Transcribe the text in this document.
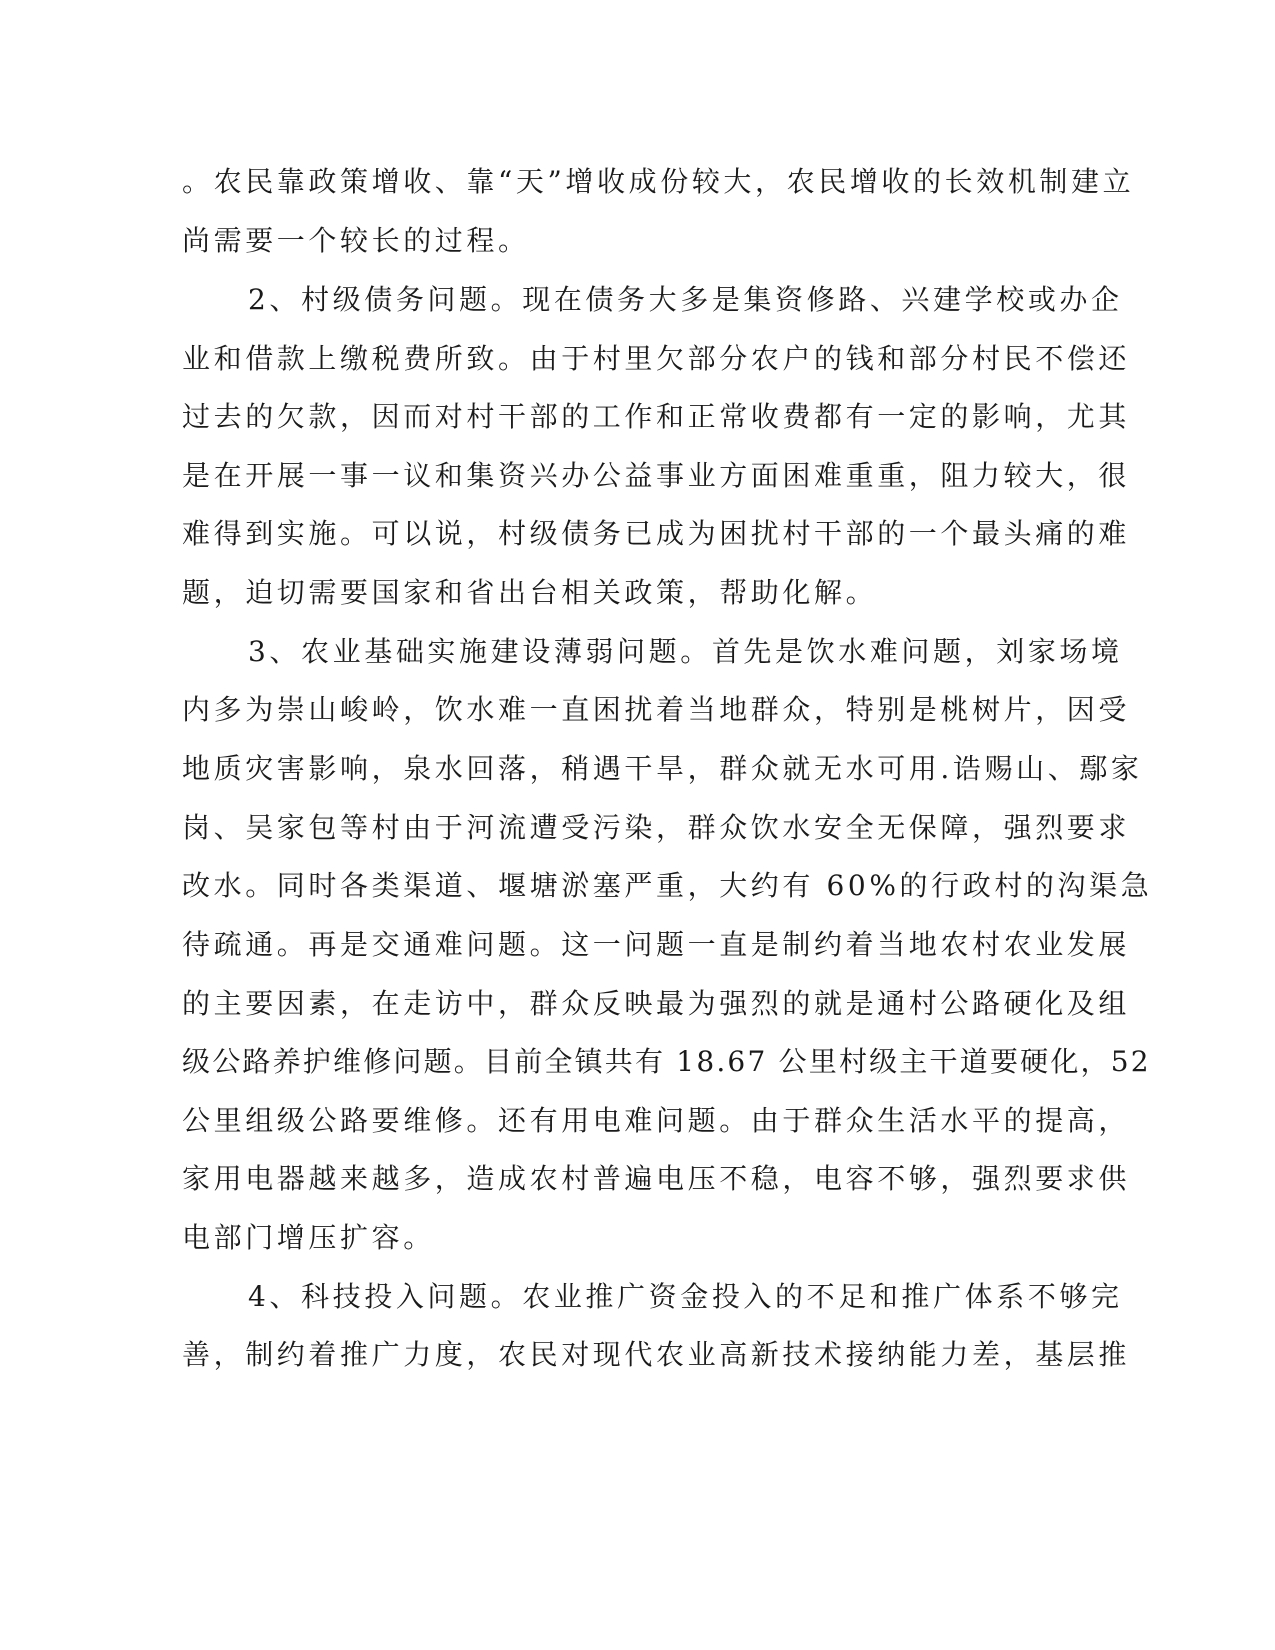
。农民靠政策增收、靠“天”增收成份较大，农民增收的长效机制建立
尚需要一个较长的过程。
2、村级债务问题。现在债务大多是集资修路、兴建学校或办企
业和借款上缴税费所致。由于村里欠部分农户的钱和部分村民不偿还
过去的欠款，因而对村干部的工作和正常收费都有一定的影响，尤其
是在开展一事一议和集资兴办公益事业方面困难重重，阻力较大，很
难得到实施。可以说，村级债务已成为困扰村干部的一个最头痛的难
题，迫切需要国家和省出台相关政策，帮助化解。
3、农业基础实施建设薄弱问题。首先是饮水难问题，刘家场境
内多为崇山峻岭，饮水难一直困扰着当地群众，特别是桃树片，因受
地质灾害影响，泉水回落，稍遇干旱，群众就无水可用.诰赐山、鄢家
岗、吴家包等村由于河流遭受污染，群众饮水安全无保障，强烈要求
改水。同时各类渠道、堰塘淤塞严重，大约有 60%的行政村的沟渠急
待疏通。再是交通难问题。这一问题一直是制约着当地农村农业发展
的主要因素，在走访中，群众反映最为强烈的就是通村公路硬化及组
级公路养护维修问题。目前全镇共有 18.67 公里村级主干道要硬化，52
公里组级公路要维修。还有用电难问题。由于群众生活水平的提高，
家用电器越来越多，造成农村普遍电压不稳，电容不够，强烈要求供
电部门增压扩容。
4、科技投入问题。农业推广资金投入的不足和推广体系不够完
善，制约着推广力度，农民对现代农业高新技术接纳能力差，基层推
